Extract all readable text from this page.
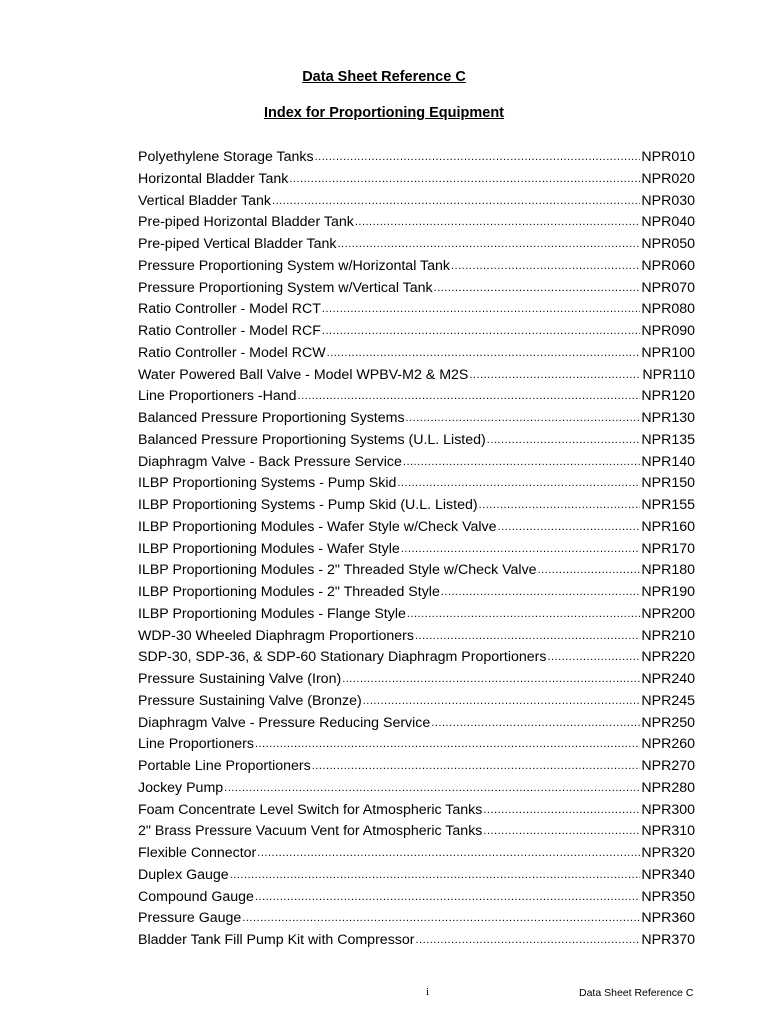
Data Sheet Reference C
Index for Proportioning Equipment
Polyethylene Storage Tanks .....	NPR010
Horizontal Bladder Tank .....	NPR020
Vertical Bladder Tank .....	NPR030
Pre-piped Horizontal Bladder Tank .....	NPR040
Pre-piped Vertical Bladder Tank .....	NPR050
Pressure Proportioning System w/Horizontal Tank .....	NPR060
Pressure Proportioning System w/Vertical Tank .....	NPR070
Ratio Controller - Model RCT .....	NPR080
Ratio Controller - Model RCF .....	NPR090
Ratio Controller - Model RCW .....	NPR100
Water Powered Ball Valve - Model WPBV-M2 & M2S .....	NPR110
Line Proportioners -Hand .....	NPR120
Balanced Pressure Proportioning Systems .....	NPR130
Balanced Pressure Proportioning Systems (U.L. Listed) .....	NPR135
Diaphragm Valve - Back Pressure Service .....	NPR140
ILBP Proportioning Systems - Pump Skid .....	NPR150
ILBP Proportioning Systems - Pump Skid (U.L. Listed) .....	NPR155
ILBP Proportioning Modules - Wafer Style w/Check Valve .....	NPR160
ILBP Proportioning Modules - Wafer Style .....	NPR170
ILBP Proportioning Modules - 2" Threaded Style w/Check Valve .....	NPR180
ILBP Proportioning Modules - 2" Threaded Style .....	NPR190
ILBP Proportioning Modules - Flange Style .....	NPR200
WDP-30 Wheeled Diaphragm Proportioners .....	NPR210
SDP-30, SDP-36, & SDP-60 Stationary Diaphragm Proportioners .....	NPR220
Pressure Sustaining Valve (Iron) .....	NPR240
Pressure Sustaining Valve (Bronze) .....	NPR245
Diaphragm Valve - Pressure Reducing Service .....	NPR250
Line Proportioners .....	NPR260
Portable Line Proportioners .....	NPR270
Jockey Pump .....	NPR280
Foam Concentrate Level Switch for Atmospheric Tanks .....	NPR300
2" Brass Pressure Vacuum Vent for Atmospheric Tanks .....	NPR310
Flexible Connector .....	NPR320
Duplex Gauge .....	NPR340
Compound Gauge .....	NPR350
Pressure Gauge .....	NPR360
Bladder Tank Fill Pump Kit with Compressor .....	NPR370
i	Data Sheet Reference C
